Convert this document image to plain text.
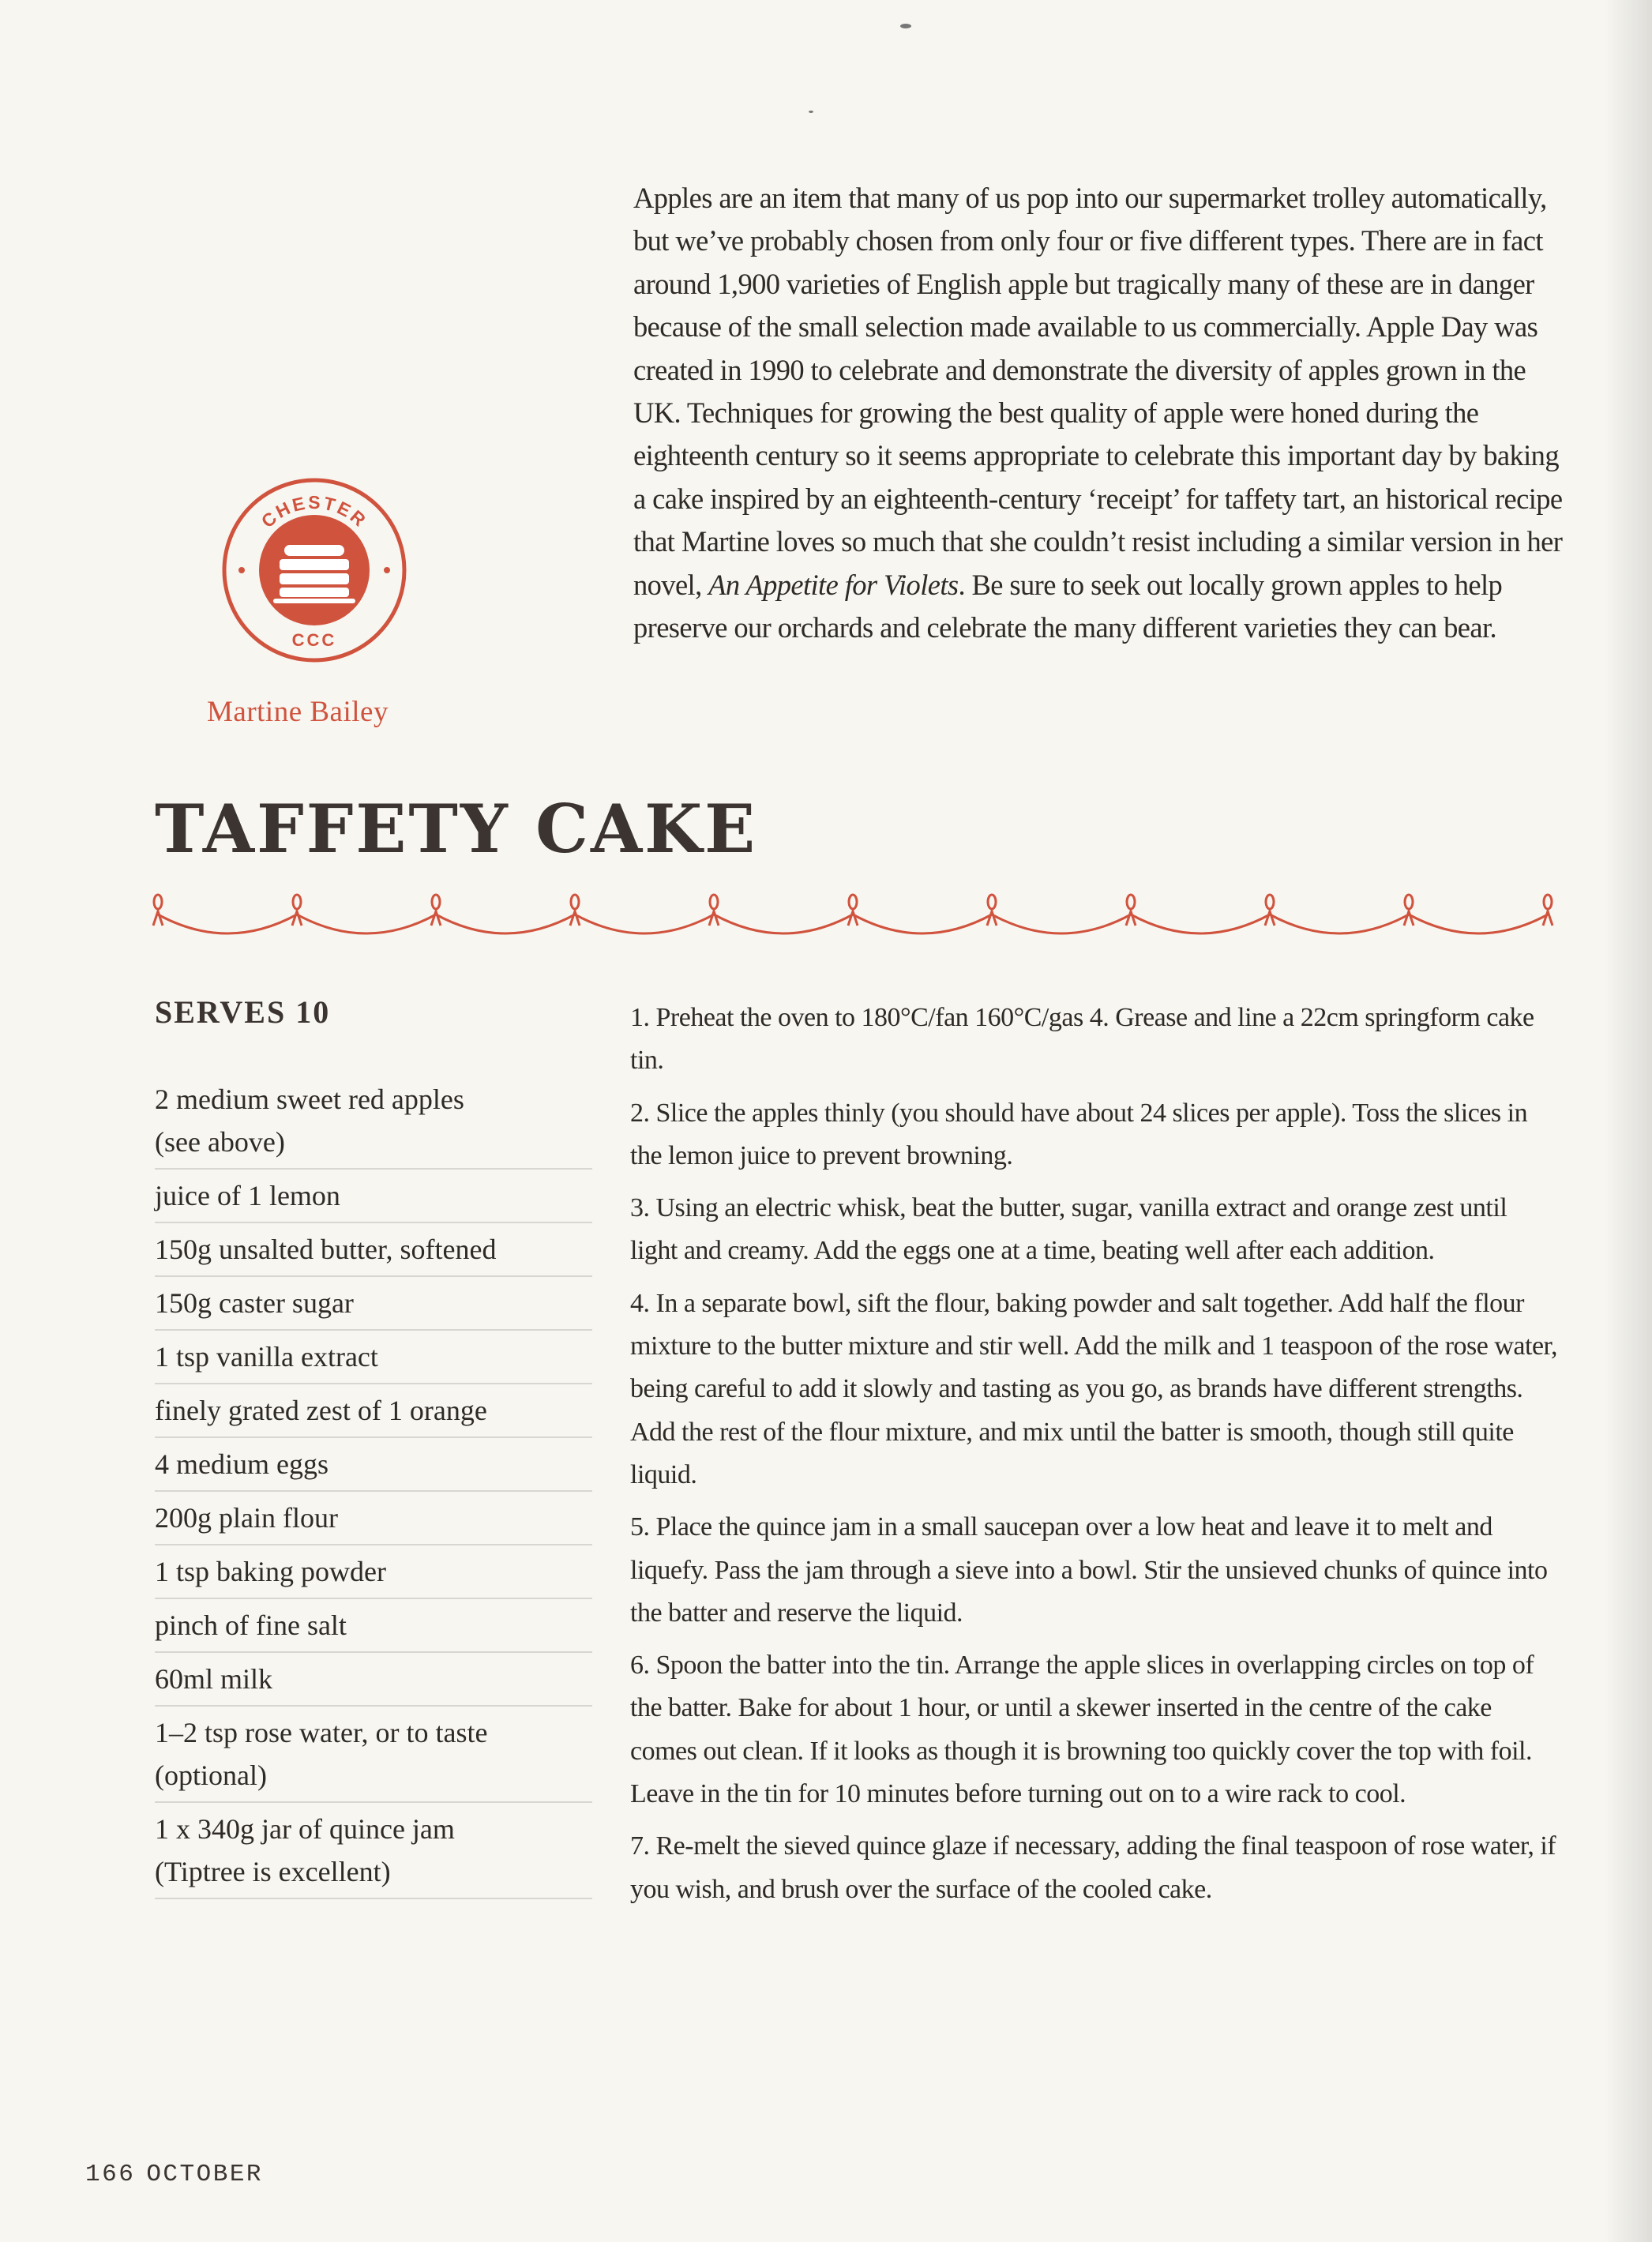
Apples are an item that many of us pop into our supermarket trolley automatically, but we’ve probably chosen from only four or five different types. There are in fact around 1,900 varieties of English apple but tragically many of these are in danger because of the small selection made available to us commercially. Apple Day was created in 1990 to celebrate and demonstrate the diversity of apples grown in the UK. Techniques for growing the best quality of apple were honed during the eighteenth century so it seems appropriate to celebrate this important day by baking a cake inspired by an eighteenth-century ‘receipt’ for taffety tart, an historical recipe that Martine loves so much that she couldn’t resist including a similar version in her novel, An Appetite for Violets. Be sure to seek out locally grown apples to help preserve our orchards and celebrate the many different varieties they can bear.

CHESTER
CCC

Martine Bailey

TAFFETY CAKE
SERVES 10
2 medium sweet red apples
(see above)
juice of 1 lemon
150g unsalted butter, softened
150g caster sugar
1 tsp vanilla extract
finely grated zest of 1 orange
4 medium eggs
200g plain flour
1 tsp baking powder
pinch of fine salt
60ml milk
1–2 tsp rose water, or to taste
(optional)
1 x 340g jar of quince jam
(Tiptree is excellent)
1. Preheat the oven to 180°C/fan 160°C/gas 4. Grease and line a 22cm springform cake tin.
2. Slice the apples thinly (you should have about 24 slices per apple). Toss the slices in the lemon juice to prevent browning.
3. Using an electric whisk, beat the butter, sugar, vanilla extract and orange zest until light and creamy. Add the eggs one at a time, beating well after each addition.
4. In a separate bowl, sift the flour, baking powder and salt together. Add half the flour mixture to the butter mixture and stir well. Add the milk and 1 teaspoon of the rose water, being careful to add it slowly and tasting as you go, as brands have different strengths. Add the rest of the flour mixture, and mix until the batter is smooth, though still quite liquid.
5. Place the quince jam in a small saucepan over a low heat and leave it to melt and liquefy. Pass the jam through a sieve into a bowl. Stir the unsieved chunks of quince into the batter and reserve the liquid.
6. Spoon the batter into the tin. Arrange the apple slices in overlapping circles on top of the batter. Bake for about 1 hour, or until a skewer inserted in the centre of the cake comes out clean. If it looks as though it is browning too quickly cover the top with foil. Leave in the tin for 10 minutes before turning out on to a wire rack to cool.
7. Re-melt the sieved quince glaze if necessary, adding the final teaspoon of rose water, if you wish, and brush over the surface of the cooled cake.

166 OCTOBER
